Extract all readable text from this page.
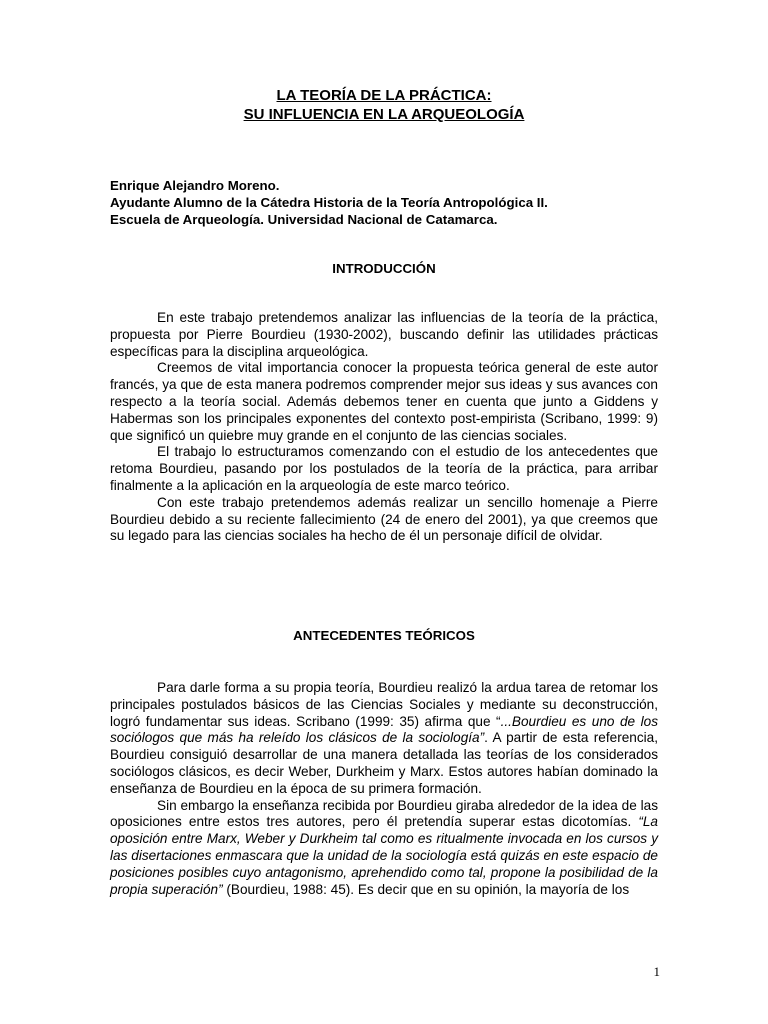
LA TEORÍA DE LA PRÁCTICA:
SU INFLUENCIA EN LA ARQUEOLOGÍA
Enrique Alejandro Moreno.
Ayudante Alumno de la Cátedra Historia de la Teoría Antropológica II.
Escuela de Arqueología. Universidad Nacional de Catamarca.
INTRODUCCIÓN

En este trabajo pretendemos analizar las influencias de la teoría de la práctica, propuesta por Pierre Bourdieu (1930-2002), buscando definir las utilidades prácticas específicas para la disciplina arqueológica.

Creemos de vital importancia conocer la propuesta teórica general de este autor francés, ya que de esta manera podremos comprender mejor sus ideas y sus avances con respecto a la teoría social. Además debemos tener en cuenta que junto a Giddens y Habermas son los principales exponentes del contexto post-empirista (Scribano, 1999: 9) que significó un quiebre muy grande en el conjunto de las ciencias sociales.

El trabajo lo estructuramos comenzando con el estudio de los antecedentes que retoma Bourdieu, pasando por los postulados de la teoría de la práctica, para arribar finalmente a la aplicación en la arqueología de este marco teórico.

Con este trabajo pretendemos además realizar un sencillo homenaje a Pierre Bourdieu debido a su reciente fallecimiento (24 de enero del 2001), ya que creemos que su legado para las ciencias sociales ha hecho de él un personaje difícil de olvidar.

ANTECEDENTES TEÓRICOS

Para darle forma a su propia teoría, Bourdieu realizó la ardua tarea de retomar los principales postulados básicos de las Ciencias Sociales y mediante su deconstrucción, logró fundamentar sus ideas. Scribano (1999: 35) afirma que “...Bourdieu es uno de los sociólogos que más ha releído los clásicos de la sociología”. A partir de esta referencia, Bourdieu consiguió desarrollar de una manera detallada las teorías de los considerados sociólogos clásicos, es decir Weber, Durkheim y Marx. Estos autores habían dominado la enseñanza de Bourdieu en la época de su primera formación.

Sin embargo la enseñanza recibida por Bourdieu giraba alrededor de la idea de las oposiciones entre estos tres autores, pero él pretendía superar estas dicotomías. “La oposición entre Marx, Weber y Durkheim tal como es ritualmente invocada en los cursos y las disertaciones enmascara que la unidad de la sociología está quizás en este espacio de posiciones posibles cuyo antagonismo, aprehendido como tal, propone la posibilidad de la propia superación” (Bourdieu, 1988: 45). Es decir que en su opinión, la mayoría de los

1
